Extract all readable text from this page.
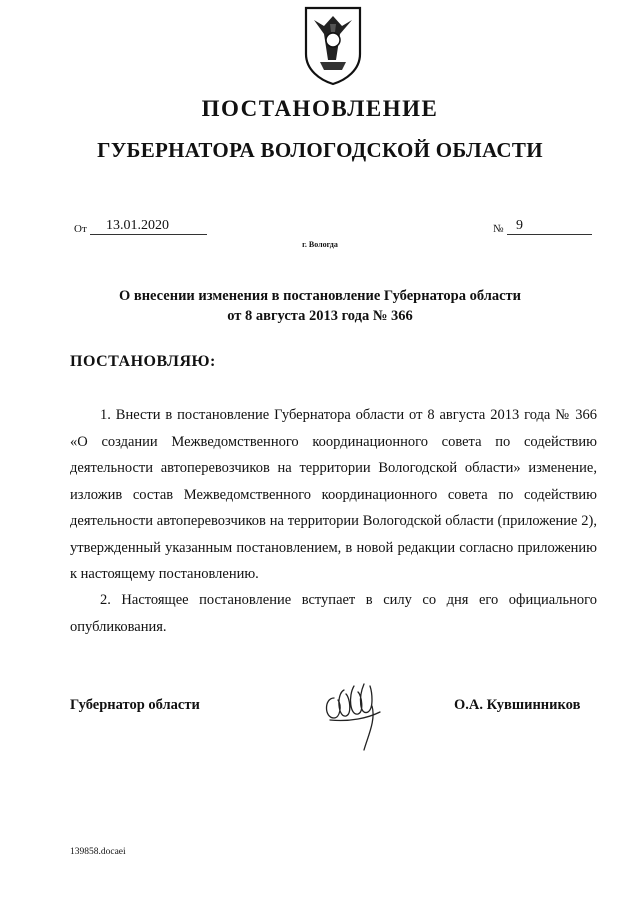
ПОСТАНОВЛЕНИЕ
ГУБЕРНАТОРА ВОЛОГОДСКОЙ ОБЛАСТИ
От 13.01.2020	№ 9
г. Вологда
О внесении изменения в постановление Губернатора области
от 8 августа 2013 года № 366
ПОСТАНОВЛЯЮ:
1. Внести в постановление Губернатора области от 8 августа 2013 года № 366 «О создании Межведомственного координационного совета по содействию деятельности автоперевозчиков на территории Вологодской области» изменение, изложив состав Межведомственного координационного совета по содействию деятельности автоперевозчиков на территории Вологодской области (приложение 2), утвержденный указанным постановлением, в новой редакции согласно приложению к настоящему постановлению.
2. Настоящее постановление вступает в силу со дня его официального опубликования.
Губернатор области	О.А. Кувшинников
139858.docaei
